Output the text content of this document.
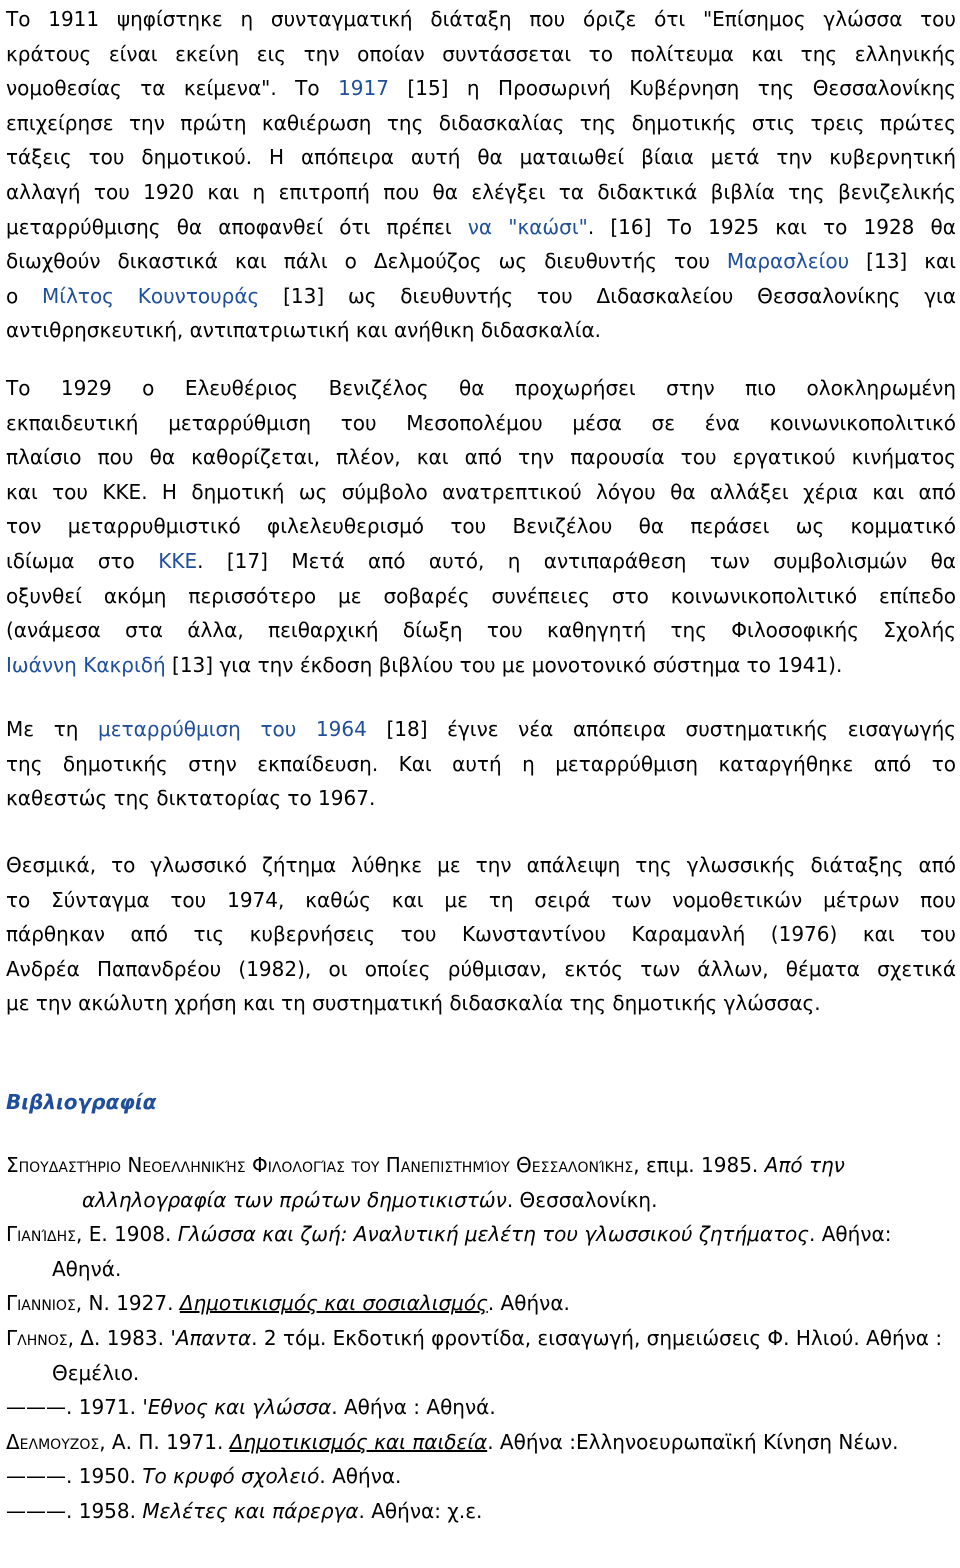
Το 1911 ψηφίστηκε η συνταγματική διάταξη που όριζε ότι "Επίσημος γλώσσα του
κράτους είναι εκείνη εις την οποίαν συντάσσεται το πολίτευμα και της ελληνικής
νομοθεσίας τα κείμενα". Το 1917 [15] η Προσωρινή Κυβέρνηση της Θεσσαλονίκης
επιχείρησε την πρώτη καθιέρωση της διδασκαλίας της δημοτικής στις τρεις πρώτες
τάξεις του δημοτικού. Η απόπειρα αυτή θα ματαιωθεί βίαια μετά την κυβερνητική
αλλαγή του 1920 και η επιτροπή που θα ελέγξει τα διδακτικά βιβλία της βενιζελικής
μεταρρύθμισης θα αποφανθεί ότι πρέπει να "καώσι". [16] Το 1925 και το 1928 θα
διωχθούν δικαστικά και πάλι ο Δελμούζος ως διευθυντής του Μαρασλείου [13] και
ο Μίλτος Κουντουράς [13] ως διευθυντής του Διδασκαλείου Θεσσαλονίκης για
αντιθρησκευτική, αντιπατριωτική και ανήθικη διδασκαλία.
Το 1929 ο Ελευθέριος Βενιζέλος θα προχωρήσει στην πιο ολοκληρωμένη
εκπαιδευτική μεταρρύθμιση του Μεσοπολέμου μέσα σε ένα κοινωνικοπολιτικό
πλαίσιο που θα καθορίζεται, πλέον, και από την παρουσία του εργατικού κινήματος
και του ΚΚΕ. Η δημοτική ως σύμβολο ανατρεπτικού λόγου θα αλλάξει χέρια και από
τον μεταρρυθμιστικό φιλελευθερισμό του Βενιζέλου θα περάσει ως κομματικό
ιδίωμα στο ΚΚΕ. [17] Μετά από αυτό, η αντιπαράθεση των συμβολισμών θα
οξυνθεί ακόμη περισσότερο με σοβαρές συνέπειες στο κοινωνικοπολιτικό επίπεδο
(ανάμεσα στα άλλα, πειθαρχική δίωξη του καθηγητή της Φιλοσοφικής Σχολής
Ιωάννη Κακριδή [13] για την έκδοση βιβλίου του με μονοτονικό σύστημα το 1941).
Με τη μεταρρύθμιση του 1964 [18] έγινε νέα απόπειρα συστηματικής εισαγωγής
της δημοτικής στην εκπαίδευση. Και αυτή η μεταρρύθμιση καταργήθηκε από το
καθεστώς της δικτατορίας το 1967.
Θεσμικά, το γλωσσικό ζήτημα λύθηκε με την απάλειψη της γλωσσικής διάταξης από
το Σύνταγμα του 1974, καθώς και με τη σειρά των νομοθετικών μέτρων που
πάρθηκαν από τις κυβερνήσεις του Κωνσταντίνου Καραμανλή (1976) και του
Ανδρέα Παπανδρέου (1982), οι οποίες ρύθμισαν, εκτός των άλλων, θέματα σχετικά
με την ακώλυτη χρήση και τη συστηματική διδασκαλία της δημοτικής γλώσσας.
Βιβλιογραφία
Σπουδαστήριο Νεοελληνικής Φιλολογίας του Πανεπιστημίου Θεσσαλονίκης, επιμ. 1985. Από την αλληλογραφία των πρώτων δημοτικιστών. Θεσσαλονίκη.
Γιανίδης, Ε. 1908. Γλώσσα και ζωή: Αναλυτική μελέτη του γλωσσικού ζητήματος. Αθήνα: Αθηνά.
Γιαννιος, Ν. 1927. Δημοτικισμός και σοσιαλισμός. Αθήνα.
Γληνος, Δ. 1983. 'Απαντα. 2 τόμ. Εκδοτική φροντίδα, εισαγωγή, σημειώσεις Φ. Ηλιού. Αθήνα : Θεμέλιο.
———. 1971. 'Εθνος και γλώσσα. Αθήνα : Αθηνά.
Δελμουζος, Α. Π. 1971. Δημοτικισμός και παιδεία. Αθήνα :Ελληνοευρωπαϊκή Κίνηση Νέων.
———. 1950. Το κρυφό σχολειό. Αθήνα.
———. 1958. Μελέτες και πάρεργα. Αθήνα: χ.ε.
